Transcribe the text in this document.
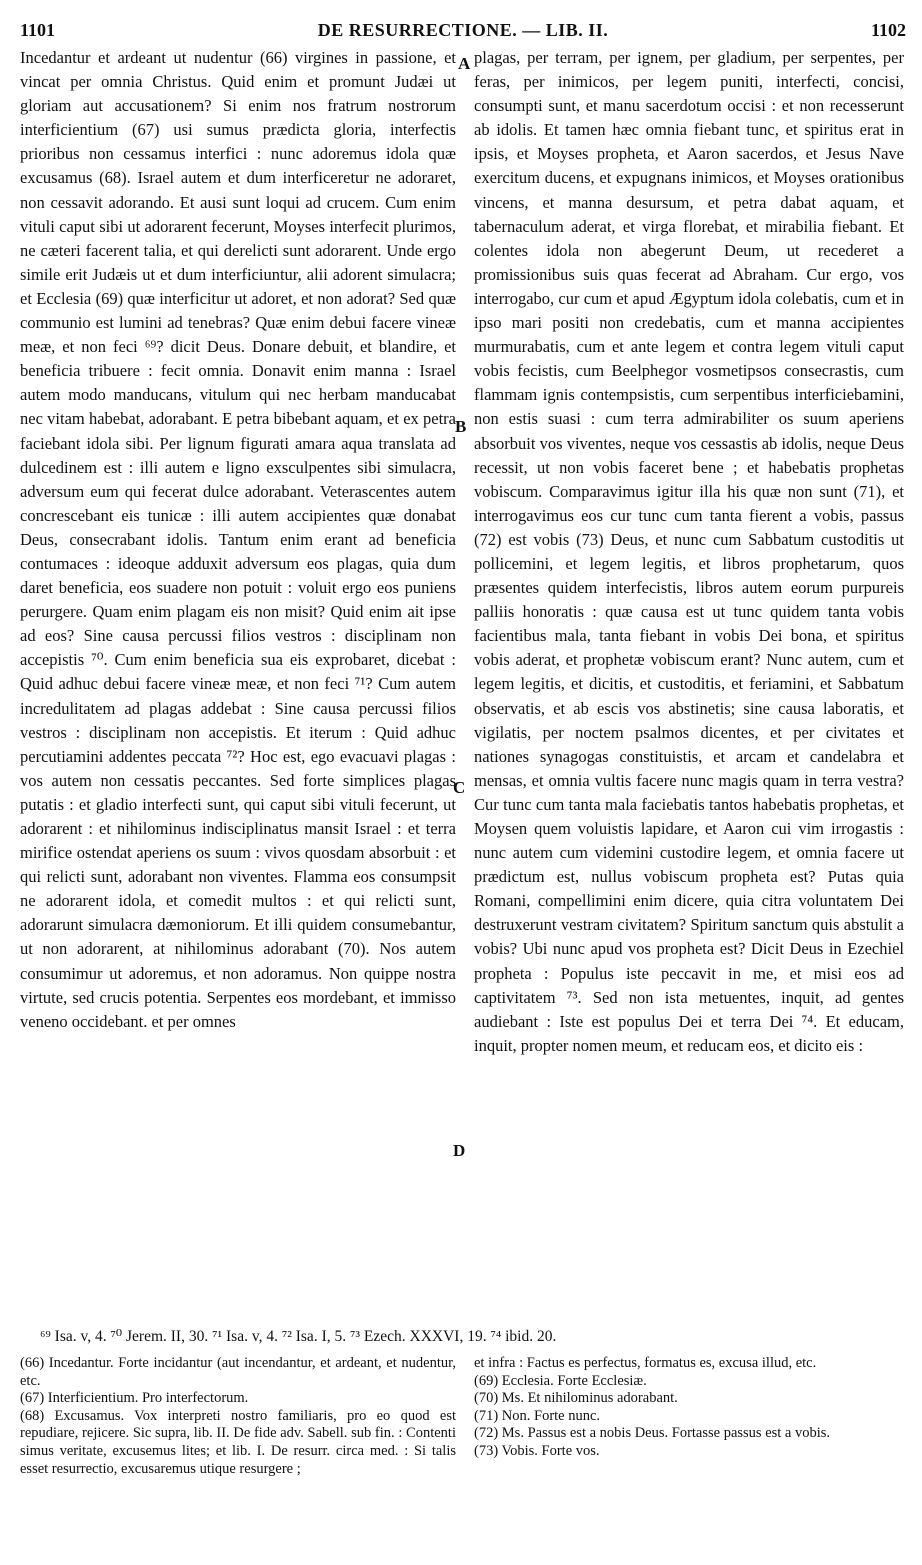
1101	DE RESURRECTIONE. — LIB. II.	1102

Incedantur et ardeant ut nudentur (66) virgines in passione, et vincat per omnia Christus. Quid enim et promunt Judæi ut gloriam aut accusationem? Si enim nos fratrum nostrorum interficientium (67) usi sumus prædicta gloria, interfectis prioribus non cessamus interfici : nunc adoremus idola quæ excusamus (68). Israel autem et dum interficeretur ne adoraret, non cessavit adorando. Et ausi sunt loqui ad crucem. Cum enim vituli caput sibi ut adorarent fecerunt, Moyses interfecit plurimos, ne cæteri facerent talia, et qui derelicti sunt adorarent. Unde ergo simile erit Judæis ut et dum interficiuntur, alii adorent simulacra; et Ecclesia (69) quæ interficitur ut adoret, et non adorat? Sed quæ communio est lumini ad tenebras? Quæ enim debui facere vineæ meæ, et non feci ⁶⁹? dicit Deus. Donare debuit, et blandire, et beneficia tribuere : fecit omnia. Donavit enim manna : Israel autem modo manducans, vitulum qui nec herbam manducabat nec vitam habebat, adorabant. E petra bibebant aquam, et ex petra faciebant idola sibi. Per lignum figurati amara aqua translata ad dulcedinem est : illi autem e ligno exsculpentes sibi simulacra, adversum eum qui fecerat dulce adorabant. Veterascentes autem concrescebant eis tunicæ : illi autem accipientes quæ donabat Deus, consecrabant idolis. Tantum enim erant ad beneficia contumaces : ideoque adduxit adversum eos plagas, quia dum daret beneficia, eos suadere non potuit : voluit ergo eos puniens perurgere. Quam enim plagam eis non misit? Quid enim ait ipse ad eos? Sine causa percussi filios vestros : disciplinam non accepistis ⁷⁰. Cum enim beneficia sua eis exprobaret, dicebat : Quid adhuc debui facere vineæ meæ, et non feci ⁷¹? Cum autem incredulitatem ad plagas addebat : Sine causa percussi filios vestros : disciplinam non accepistis. Et iterum : Quid adhuc percutiamini addentes peccata ⁷²? Hoc est, ego evacuavi plagas : vos autem non cessatis peccantes. Sed forte simplices plagas putatis : et gladio interfecti sunt, qui caput sibi vituli fecerunt, ut adorarent : et nihilominus indisciplinatus mansit Israel : et terra mirifice ostendat aperiens os suum : vivos quosdam absorbuit : et qui relicti sunt, adorabant non viventes. Flamma eos consumpsit ne adorarent idola, et comedit multos : et qui relicti sunt, adorarunt simulacra dæmoniorum. Et illi quidem consumebantur, ut non adorarent, at nihilominus adorabant (70). Nos autem consumimur ut adoremus, et non adoramus. Non quippe nostra virtute, sed crucis potentia. Serpentes eos mordebant, et immisso veneno occidebant. et per omnes

A
B
C
D

plagas, per terram, per ignem, per gladium, per serpentes, per feras, per inimicos, per legem puniti, interfecti, concisi, consumpti sunt, et manu sacerdotum occisi : et non recesserunt ab idolis. Et tamen hæc omnia fiebant tunc, et spiritus erat in ipsis, et Moyses propheta, et Aaron sacerdos, et Jesus Nave exercitum ducens, et expugnans inimicos, et Moyses orationibus vincens, et manna desursum, et petra dabat aquam, et tabernaculum aderat, et virga florebat, et mirabilia fiebant. Et colentes idola non abegerunt Deum, ut recederet a promissionibus suis quas fecerat ad Abraham. Cur ergo, vos interrogabo, cur cum et apud Ægyptum idola colebatis, cum et in ipso mari positi non credebatis, cum et manna accipientes murmurabatis, cum et ante legem et contra legem vituli caput vobis fecistis, cum Beelphegor vosmetipsos consecrastis, cum flammam ignis contempsistis, cum serpentibus interficiebamini, non estis suasi : cum terra admirabiliter os suum aperiens absorbuit vos viventes, neque vos cessastis ab idolis, neque Deus recessit, ut non vobis faceret bene ; et habebatis prophetas vobiscum. Comparavimus igitur illa his quæ non sunt (71), et interrogavimus eos cur tunc cum tanta fierent a vobis, passus (72) est vobis (73) Deus, et nunc cum Sabbatum custoditis ut pollicemini, et legem legitis, et libros prophetarum, quos præsentes quidem interfecistis, libros autem eorum purpureis palliis honoratis : quæ causa est ut tunc quidem tanta vobis facientibus mala, tanta fiebant in vobis Dei bona, et spiritus vobis aderat, et prophetæ vobiscum erant? Nunc autem, cum et legem legitis, et dicitis, et custoditis, et feriamini, et Sabbatum observatis, et ab escis vos abstinetis; sine causa laboratis, et vigilatis, per noctem psalmos dicentes, et per civitates et nationes synagogas constituistis, et arcam et candelabra et mensas, et omnia vultis facere nunc magis quam in terra vestra? Cur tunc cum tanta mala faciebatis tantos habebatis prophetas, et Moysen quem voluistis lapidare, et Aaron cui vim irrogastis : nunc autem cum videmini custodire legem, et omnia facere ut prædictum est, nullus vobiscum propheta est? Putas quia Romani, compellimini enim dicere, quia citra voluntatem Dei destruxerunt vestram civitatem? Spiritum sanctum quis abstulit a vobis? Ubi nunc apud vos propheta est? Dicit Deus in Ezechiel propheta : Populus iste peccavit in me, et misi eos ad captivitatem ⁷³. Sed non ista metuentes, inquit, ad gentes audiebant : Iste est populus Dei et terra Dei ⁷⁴. Et educam, inquit, propter nomen meum, et reducam eos, et dicito eis :

⁶⁹ Isa. v, 4. ⁷⁰ Jerem. II, 30. ⁷¹ Isa. v, 4. ⁷² Isa. I, 5. ⁷³ Ezech. XXXVI, 19. ⁷⁴ ibid. 20.

(66) Incedantur. Forte incidantur (aut incendantur, et ardeant, et nudentur, etc.

(67) Interficientium. Pro interfectorum.

(68) Excusamus. Vox interpreti nostro familiaris, pro eo quod est repudiare, rejicere. Sic supra, lib. II. De fide adv. Sabell. sub fin. : Contenti simus veritate, excusemus lites; et lib. I. De resurr. circa med. : Si talis esset resurrectio, excusaremus utique resurgere ;

et infra : Factus es perfectus, formatus es, excusa illud, etc.

(69) Ecclesia. Forte Ecclesiæ.

(70) Ms. Et nihilominus adorabant.

(71) Non. Forte nunc.

(72) Ms. Passus est a nobis Deus. Fortasse passus est a vobis.

(73) Vobis. Forte vos.
